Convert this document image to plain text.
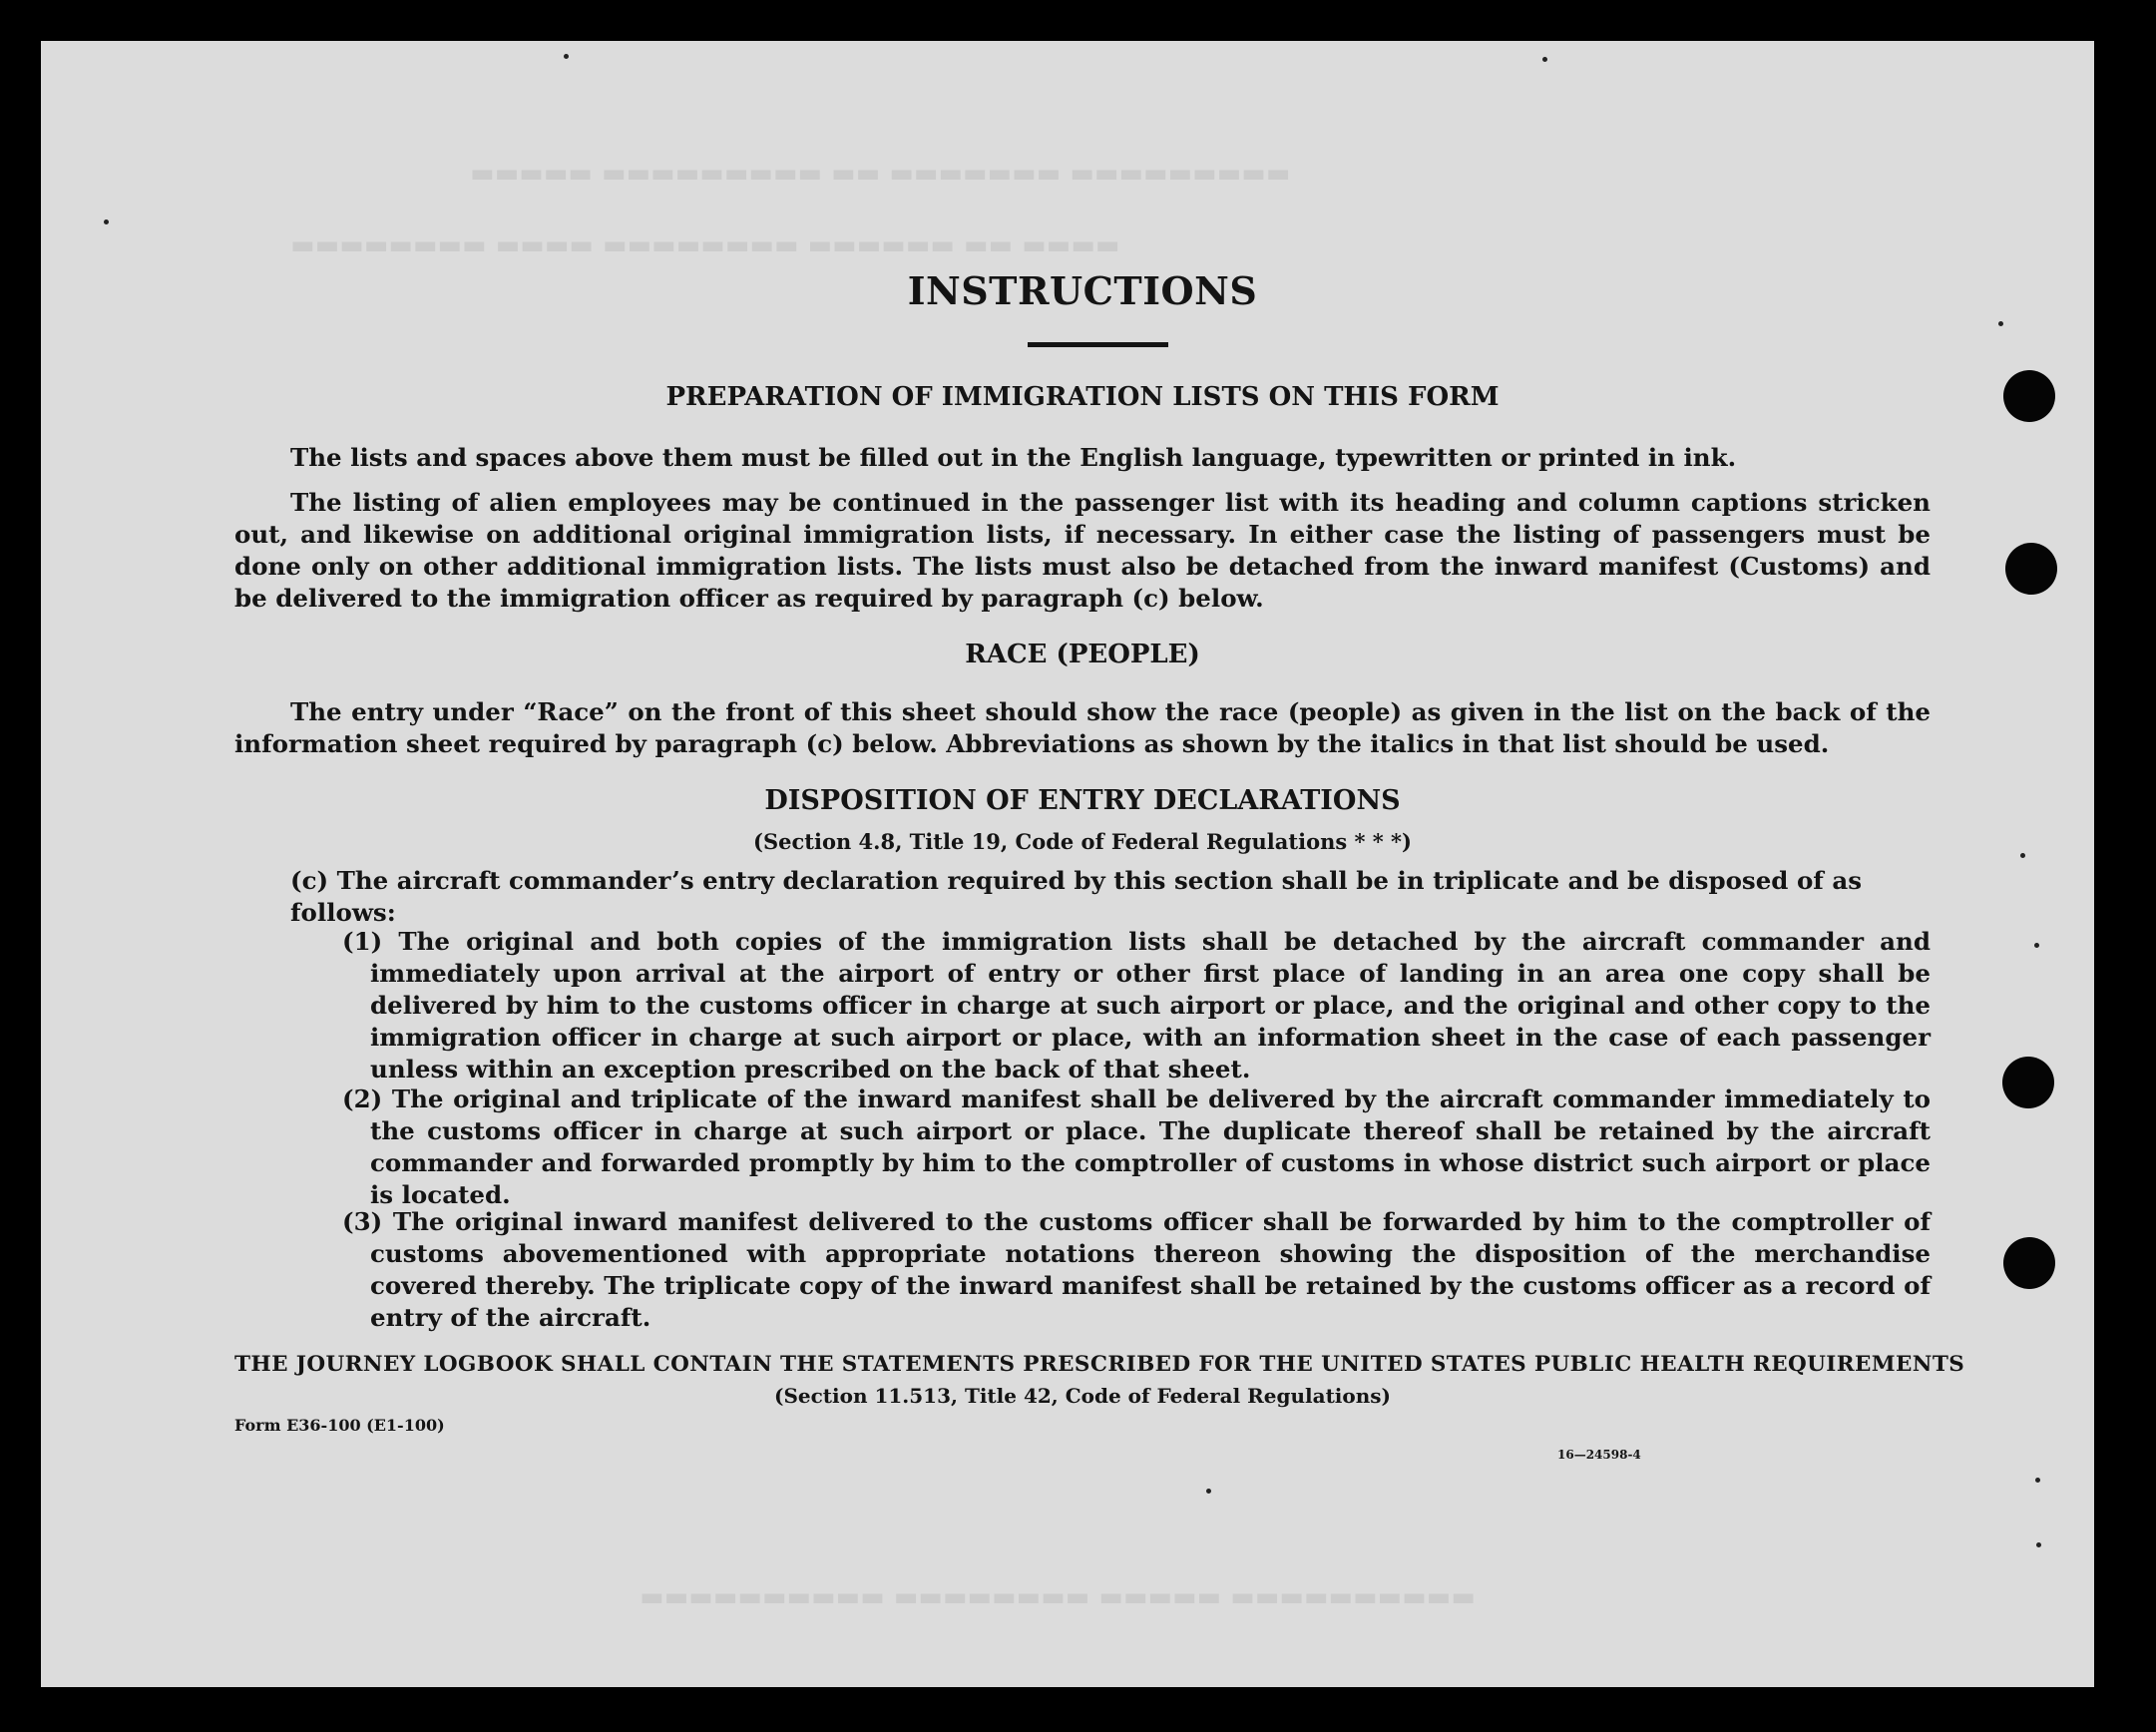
▬▬▬▬▬ ▬▬▬▬▬▬▬▬▬ ▬▬ ▬▬▬▬▬▬▬ ▬▬▬▬▬▬▬▬▬
▬▬▬▬▬▬▬▬ ▬▬▬▬ ▬▬▬▬▬▬▬▬ ▬▬▬▬▬▬ ▬▬ ▬▬▬▬
▬▬▬▬▬▬▬▬▬▬ ▬▬▬▬▬▬▬▬ ▬▬▬▬▬ ▬▬▬▬▬▬▬▬▬▬
INSTRUCTIONS
PREPARATION OF IMMIGRATION LISTS ON THIS FORM

The lists and spaces above them must be filled out in the English language, typewritten or printed in ink.

The listing of alien employees may be continued in the passenger list with its heading and column captions stricken out, and likewise on additional original immigration lists, if necessary. In either case the listing of passengers must be done only on other additional immigration lists. The lists must also be detached from the inward manifest (Customs) and be delivered to the immigration officer as required by paragraph (c) below.

RACE (PEOPLE)

The entry under “Race” on the front of this sheet should show the race (people) as given in the list on the back of the information sheet required by paragraph (c) below. Abbreviations as shown by the italics in that list should be used.

DISPOSITION OF ENTRY DECLARATIONS
(Section 4.8, Title 19, Code of Federal Regulations * * *)

(c) The aircraft commander’s entry declaration required by this section shall be in triplicate and be disposed of as follows:

(1) The original and both copies of the immigration lists shall be detached by the aircraft commander and immediately upon arrival at the airport of entry or other first place of landing in an area one copy shall be delivered by him to the customs officer in charge at such airport or place, and the original and other copy to the immigration officer in charge at such airport or place, with an information sheet in the case of each passenger unless within an exception prescribed on the back of that sheet.

(2) The original and triplicate of the inward manifest shall be delivered by the aircraft commander immediately to the customs officer in charge at such airport or place. The duplicate thereof shall be retained by the aircraft commander and forwarded promptly by him to the comptroller of customs in whose district such airport or place is located.

(3) The original inward manifest delivered to the customs officer shall be forwarded by him to the comptroller of customs abovementioned with appropriate notations thereon showing the disposition of the merchandise covered thereby. The triplicate copy of the inward manifest shall be retained by the customs officer as a record of entry of the aircraft.

THE JOURNEY LOGBOOK SHALL CONTAIN THE STATEMENTS PRESCRIBED FOR THE UNITED STATES PUBLIC HEALTH REQUIREMENTS
(Section 11.513, Title 42, Code of Federal Regulations)
Form E36-100 (E1-100)
16—24598-4
